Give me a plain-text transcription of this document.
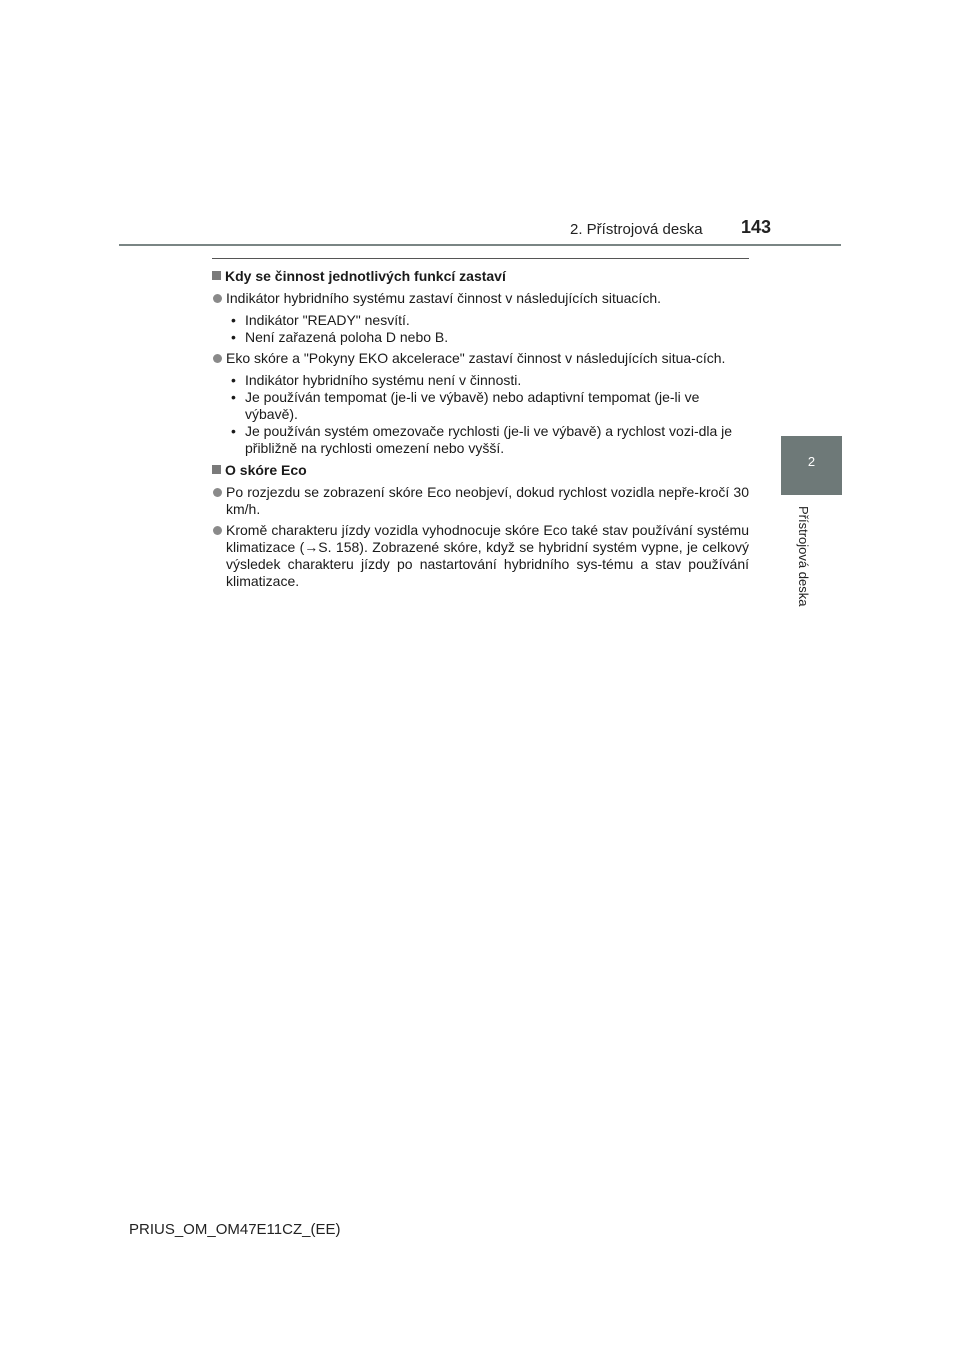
2. Přístrojová deska 143
2
Přístrojová deska
Kdy se činnost jednotlivých funkcí zastaví
Indikátor hybridního systému zastaví činnost v následujících situacích.
• Indikátor "READY" nesvítí.
• Není zařazená poloha D nebo B.
Eko skóre a "Pokyny EKO akcelerace" zastaví činnost v následujících situa-cích.
• Indikátor hybridního systému není v činnosti.
• Je používán tempomat (je-li ve výbavě) nebo adaptivní tempomat (je-li ve výbavě).
• Je používán systém omezovače rychlosti (je-li ve výbavě) a rychlost vozi-dla je přibližně na rychlosti omezení nebo vyšší.
O skóre Eco
Po rozjezdu se zobrazení skóre Eco neobjeví, dokud rychlost vozidla nepře-kročí 30 km/h.
Kromě charakteru jízdy vozidla vyhodnocuje skóre Eco také stav používání systému klimatizace (→S. 158). Zobrazené skóre, když se hybridní systém vypne, je celkový výsledek charakteru jízdy po nastartování hybridního sys-tému a stav používání klimatizace.
PRIUS_OM_OM47E11CZ_(EE)
